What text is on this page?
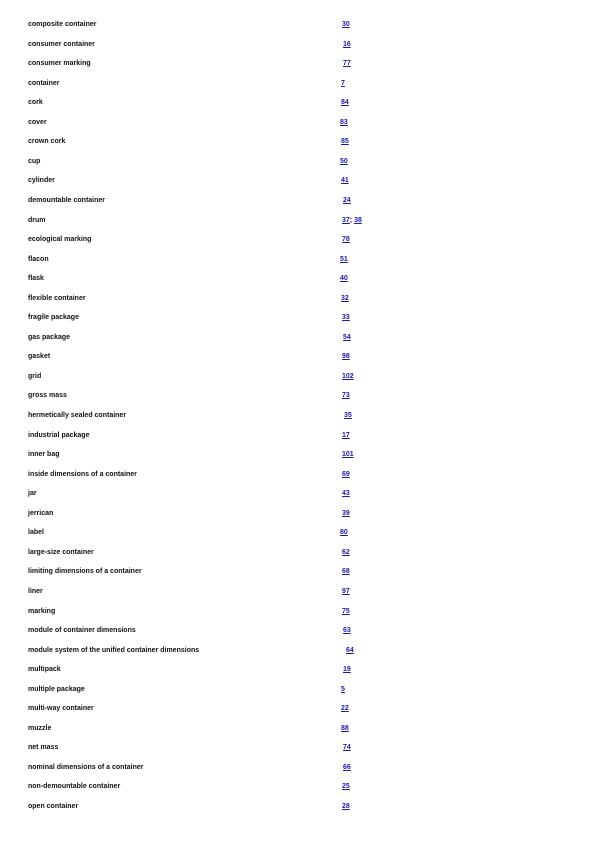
composite container	30
consumer container	16
consumer marking	77
container	7
cork	84
cover	83
crown cork	85
cup	50
cylinder	41
demountable container	24
drum	37; 38
ecological marking	78
flacon	51
flask	40
flexible container	32
fragile package	33
gas package	54
gasket	98
grid	102
gross mass	73
hermetically sealed container	35
industrial package	17
inner bag	101
inside dimensions of a container	69
jar	43
jerrican	39
label	80
large-size container	62
limiting dimensions of a container	68
liner	97
marking	75
module of container dimensions	63
module system of the unified container dimensions	64
multipack	19
multiple package	5
multi-way container	22
muzzle	88
net mass	74
nominal dimensions of a container	66
non-demountable container	25
open container	28
